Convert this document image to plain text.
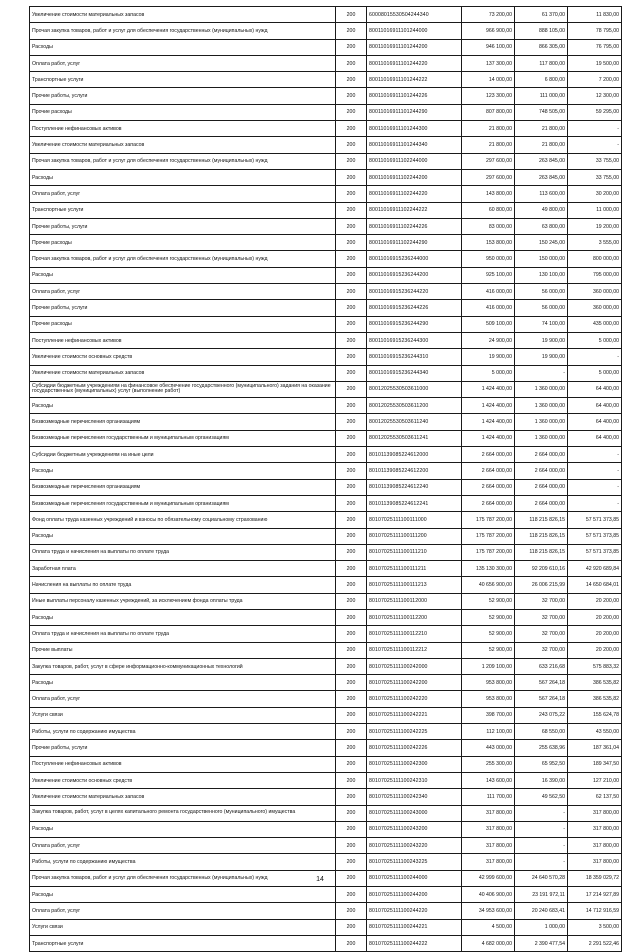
Увеличение стоимости материальных запасов	200	60008015530504244340	73 200,00	61 370,00	11 830,00
Прочая закупка товаров, работ и услуг для обеспечения государственных (муниципальных) нужд	200	80011016911101244000	966 900,00	888 105,00	78 795,00
Расходы	200	80011016911101244200	946 100,00	866 305,00	76 795,00
Оплата работ, услуг	200	80011016911101244220	137 300,00	117 800,00	19 500,00
Транспортные услуги	200	80011016911101244222	14 000,00	6 800,00	7 200,00
Прочие работы, услуги	200	80011016911101244226	123 300,00	111 000,00	12 300,00
Прочие расходы	200	80011016911101244290	807 800,00	748 505,00	59 295,00
Поступление нефинансовых активов	200	80011016911101244300	21 800,00	21 800,00	-
Увеличение стоимости материальных запасов	200	80011016911101244340	21 800,00	21 800,00	-
Прочая закупка товаров, работ и услуг для обеспечения государственных (муниципальных) нужд	200	80011016911102244000	297 600,00	263 845,00	33 755,00
Расходы	200	80011016911102244200	297 600,00	263 845,00	33 755,00
Оплата работ, услуг	200	80011016911102244220	143 800,00	113 600,00	30 200,00
Транспортные услуги	200	80011016911102244222	60 800,00	49 800,00	11 000,00
Прочие работы, услуги	200	80011016911102244226	83 000,00	63 800,00	19 200,00
Прочие расходы	200	80011016911102244290	153 800,00	150 245,00	3 555,00
Прочая закупка товаров, работ и услуг для обеспечения государственных (муниципальных) нужд	200	80011016915236244000	950 000,00	150 000,00	800 000,00
Расходы	200	80011016915236244200	925 100,00	130 100,00	795 000,00
Оплата работ, услуг	200	80011016915236244220	416 000,00	56 000,00	360 000,00
Прочие работы, услуги	200	80011016915236244226	416 000,00	56 000,00	360 000,00
Прочие расходы	200	80011016915236244290	509 100,00	74 100,00	435 000,00
Поступление нефинансовых активов	200	80011016915236244300	24 900,00	19 900,00	5 000,00
Увеличение стоимости основных средств	200	80011016915236244310	19 900,00	19 900,00	-
Увеличение стоимости материальных запасов	200	80011016915236244340	5 000,00	-	5 000,00
Субсидии бюджетным учреждениям на финансовое обеспечение государственного (муниципального) задания на оказание государственных (муниципальных) услуг (выполнение работ)	200	80012025530503611000	1 424 400,00	1 360 000,00	64 400,00
Расходы	200	80012025530503611200	1 424 400,00	1 360 000,00	64 400,00
Безвозмездные перечисления организациям	200	80012025530503611240	1 424 400,00	1 360 000,00	64 400,00
Безвозмездные перечисления государственным и муниципальным организациям	200	80012025530503611241	1 424 400,00	1 360 000,00	64 400,00
Субсидии бюджетным учреждениям на иные цели	200	80101139085224612000	2 664 000,00	2 664 000,00	-
Расходы	200	80101139085224612200	2 664 000,00	2 664 000,00	-
Безвозмездные перечисления организациям	200	80101139085224612240	2 664 000,00	2 664 000,00	-
Безвозмездные перечисления государственным и муниципальным организациям	200	80101139085224612241	2 664 000,00	2 664 000,00	-
Фонд оплаты труда казенных учреждений и взносы по обязательному социальному страхованию	200	80107025111100111000	175 787 200,00	118 215 826,15	57 571 373,85
Расходы	200	80107025111100111200	175 787 200,00	118 215 826,15	57 571 373,85
Оплата труда и начисления на выплаты по оплате труда	200	80107025111100111210	175 787 200,00	118 215 826,15	57 571 373,85
Заработная плата	200	80107025111100111211	135 130 300,00	92 209 610,16	42 920 689,84
Начисления на выплаты по оплате труда	200	80107025111100111213	40 656 900,00	26 006 215,99	14 650 684,01
Иные выплаты персоналу казенных учреждений, за исключением фонда оплаты труда	200	80107025111100112000	52 900,00	32 700,00	20 200,00
Расходы	200	80107025111100112200	52 900,00	32 700,00	20 200,00
Оплата труда и начисления на выплаты по оплате труда	200	80107025111100112210	52 900,00	32 700,00	20 200,00
Прочие выплаты	200	80107025111100112212	52 900,00	32 700,00	20 200,00
Закупка товаров, работ, услуг в сфере информационно-коммуникационных технологий	200	80107025111100242000	1 209 100,00	633 216,68	575 883,32
Расходы	200	80107025111100242200	953 800,00	567 264,18	386 535,82
Оплата работ, услуг	200	80107025111100242220	953 800,00	567 264,18	386 535,82
Услуги связи	200	80107025111100242221	398 700,00	243 075,22	155 624,78
Работы, услуги по содержанию имущества	200	80107025111100242225	112 100,00	68 550,00	43 550,00
Прочие работы, услуги	200	80107025111100242226	443 000,00	255 638,96	187 361,04
Поступление нефинансовых активов	200	80107025111100242300	255 300,00	65 952,50	189 347,50
Увеличение стоимости основных средств	200	80107025111100242310	143 600,00	16 390,00	127 210,00
Увеличение стоимости материальных запасов	200	80107025111100242340	111 700,00	49 562,50	62 137,50
Закупка товаров, работ, услуг в целях капитального ремонта государственного (муниципального) имущества	200	80107025111100243000	317 800,00	-	317 800,00
Расходы	200	80107025111100243200	317 800,00	-	317 800,00
Оплата работ, услуг	200	80107025111100243220	317 800,00	-	317 800,00
Работы, услуги по содержанию имущества	200	80107025111100243225	317 800,00	-	317 800,00
Прочая закупка товаров, работ и услуг для обеспечения государственных (муниципальных) нужд	200	80107025111100244000	42 999 600,00	24 640 570,28	18 359 029,72
Расходы	200	80107025111100244200	40 406 900,00	23 191 972,11	17 214 927,89
Оплата работ, услуг	200	80107025111100244220	34 953 600,00	20 240 683,41	14 712 916,59
Услуги связи	200	80107025111100244221	4 500,00	1 000,00	3 500,00
Транспортные услуги	200	80107025111100244222	4 682 000,00	2 390 477,54	2 291 522,46
14
